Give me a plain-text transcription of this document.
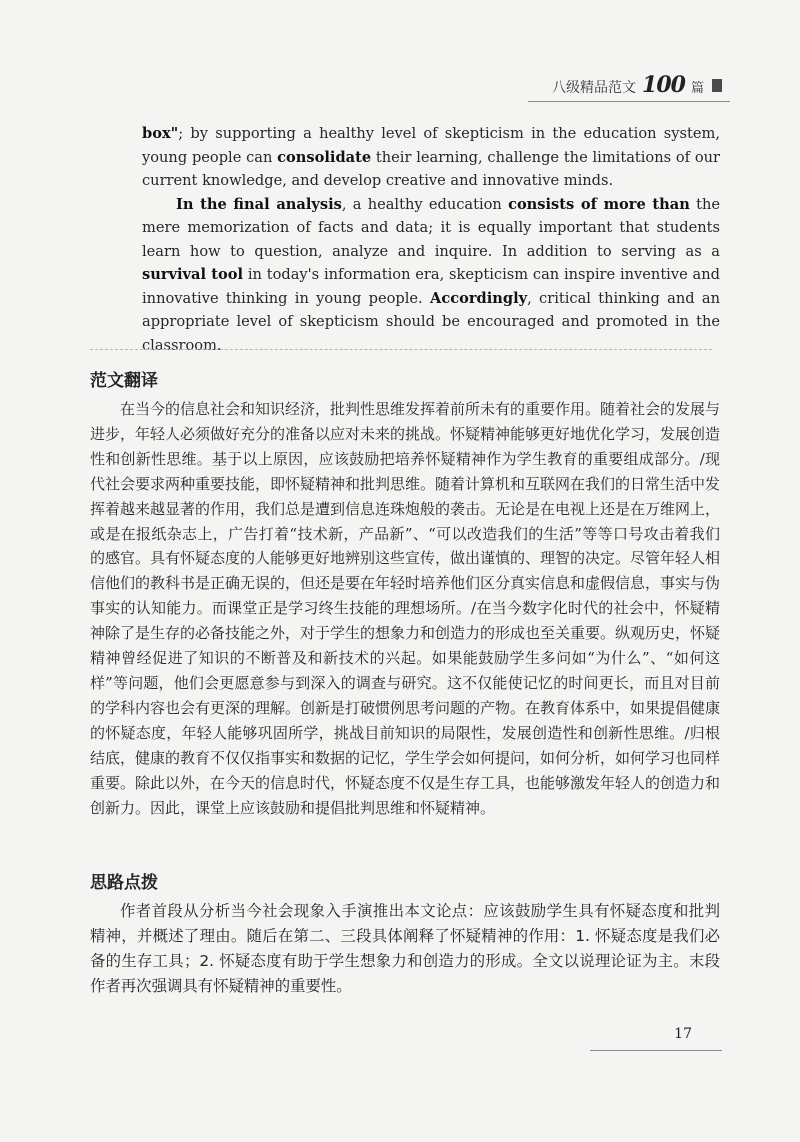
八级精品范文 100 篇

box"; by supporting a healthy level of skepticism in the education system, young people can consolidate their learning, challenge the limitations of our current knowledge, and develop creative and innovative minds.

In the final analysis, a healthy education consists of more than the mere memorization of facts and data; it is equally important that students learn how to question, analyze and inquire. In addition to serving as a survival tool in today's information era, skepticism can inspire inventive and innovative thinking in young people. Accordingly, critical thinking and an appropriate level of skepticism should be encouraged and promoted in the classroom.

范文翻译

在当今的信息社会和知识经济，批判性思维发挥着前所未有的重要作用。随着社会的发展与进步，年轻人必须做好充分的准备以应对未来的挑战。怀疑精神能够更好地优化学习，发展创造性和创新性思维。基于以上原因，应该鼓励把培养怀疑精神作为学生教育的重要组成部分。/现代社会要求两种重要技能，即怀疑精神和批判思维。随着计算机和互联网在我们的日常生活中发挥着越来越显著的作用，我们总是遭到信息连珠炮般的袭击。无论是在电视上还是在万维网上，或是在报纸杂志上，广告打着“技术新，产品新”、“可以改造我们的生活”等等口号攻击着我们的感官。具有怀疑态度的人能够更好地辨别这些宣传，做出谨慎的、理智的决定。尽管年轻人相信他们的教科书是正确无误的，但还是要在年轻时培养他们区分真实信息和虚假信息，事实与伪事实的认知能力。而课堂正是学习终生技能的理想场所。/在当今数字化时代的社会中，怀疑精神除了是生存的必备技能之外，对于学生的想象力和创造力的形成也至关重要。纵观历史，怀疑精神曾经促进了知识的不断普及和新技术的兴起。如果能鼓励学生多问如“为什么”、“如何这样”等问题，他们会更愿意参与到深入的调查与研究。这不仅能使记忆的时间更长，而且对目前的学科内容也会有更深的理解。创新是打破惯例思考问题的产物。在教育体系中，如果提倡健康的怀疑态度，年轻人能够巩固所学，挑战目前知识的局限性，发展创造性和创新性思维。/归根结底，健康的教育不仅仅指事实和数据的记忆，学生学会如何提问，如何分析，如何学习也同样重要。除此以外，在今天的信息时代，怀疑态度不仅是生存工具，也能够激发年轻人的创造力和创新力。因此，课堂上应该鼓励和提倡批判思维和怀疑精神。

思路点拨

作者首段从分析当今社会现象入手演推出本文论点：应该鼓励学生具有怀疑态度和批判精神，并概述了理由。随后在第二、三段具体阐释了怀疑精神的作用：1. 怀疑态度是我们必备的生存工具；2. 怀疑态度有助于学生想象力和创造力的形成。全文以说理论证为主。末段作者再次强调具有怀疑精神的重要性。

17
